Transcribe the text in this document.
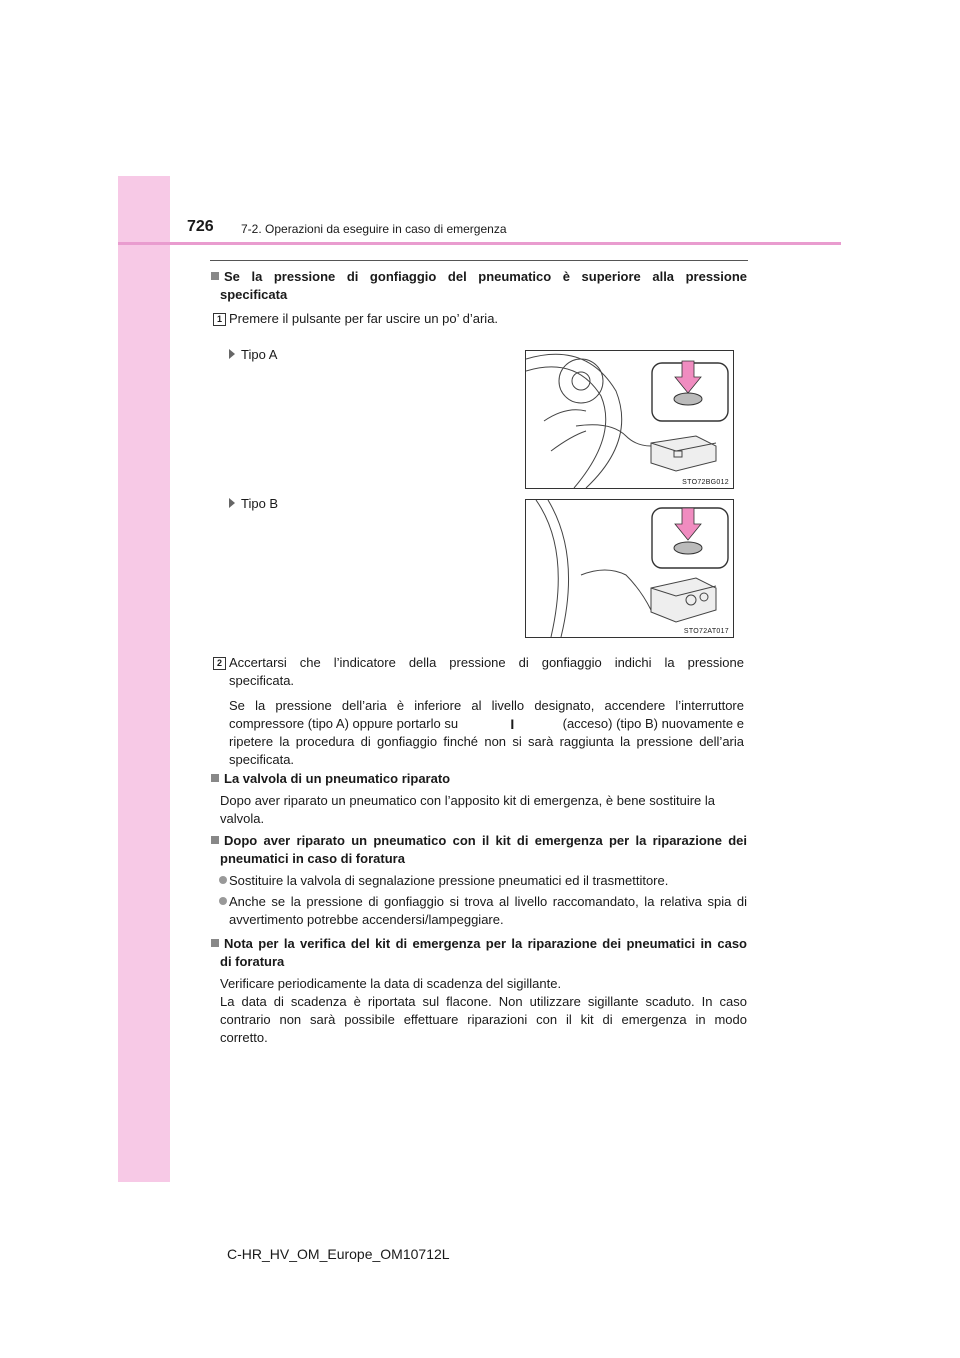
726 7-2. Operazioni da eseguire in caso di emergenza
Se la pressione di gonfiaggio del pneumatico è superiore alla pressione
specificata
1 Premere il pulsante per far uscire un po’ d’aria.
Tipo A
STO72BG012
Tipo B
STO72AT017
2 Accertarsi che l’indicatore della pressione di gonfiaggio indichi la pressione
specificata.
Se la pressione dell’aria è inferiore al livello designato, accendere l’interruttore
compressore (tipo A) oppure portarlo su	I	(acceso) (tipo B) nuovamente e
ripetere la procedura di gonfiaggio finché non si sarà raggiunta la pressione dell’aria
specificata.
La valvola di un pneumatico riparato
Dopo aver riparato un pneumatico con l’apposito kit di emergenza, è bene sostituire la
valvola.
Dopo aver riparato un pneumatico con il kit di emergenza per la riparazione dei
pneumatici in caso di foratura
Sostituire la valvola di segnalazione pressione pneumatici ed il trasmettitore.
Anche se la pressione di gonfiaggio si trova al livello raccomandato, la relativa spia di
avvertimento potrebbe accendersi/lampeggiare.
Nota per la verifica del kit di emergenza per la riparazione dei pneumatici in caso
di foratura
Verificare periodicamente la data di scadenza del sigillante.
La data di scadenza è riportata sul flacone. Non utilizzare sigillante scaduto. In caso
contrario non sarà possibile effettuare riparazioni con il kit di emergenza in modo
corretto.
C-HR_HV_OM_Europe_OM10712L
